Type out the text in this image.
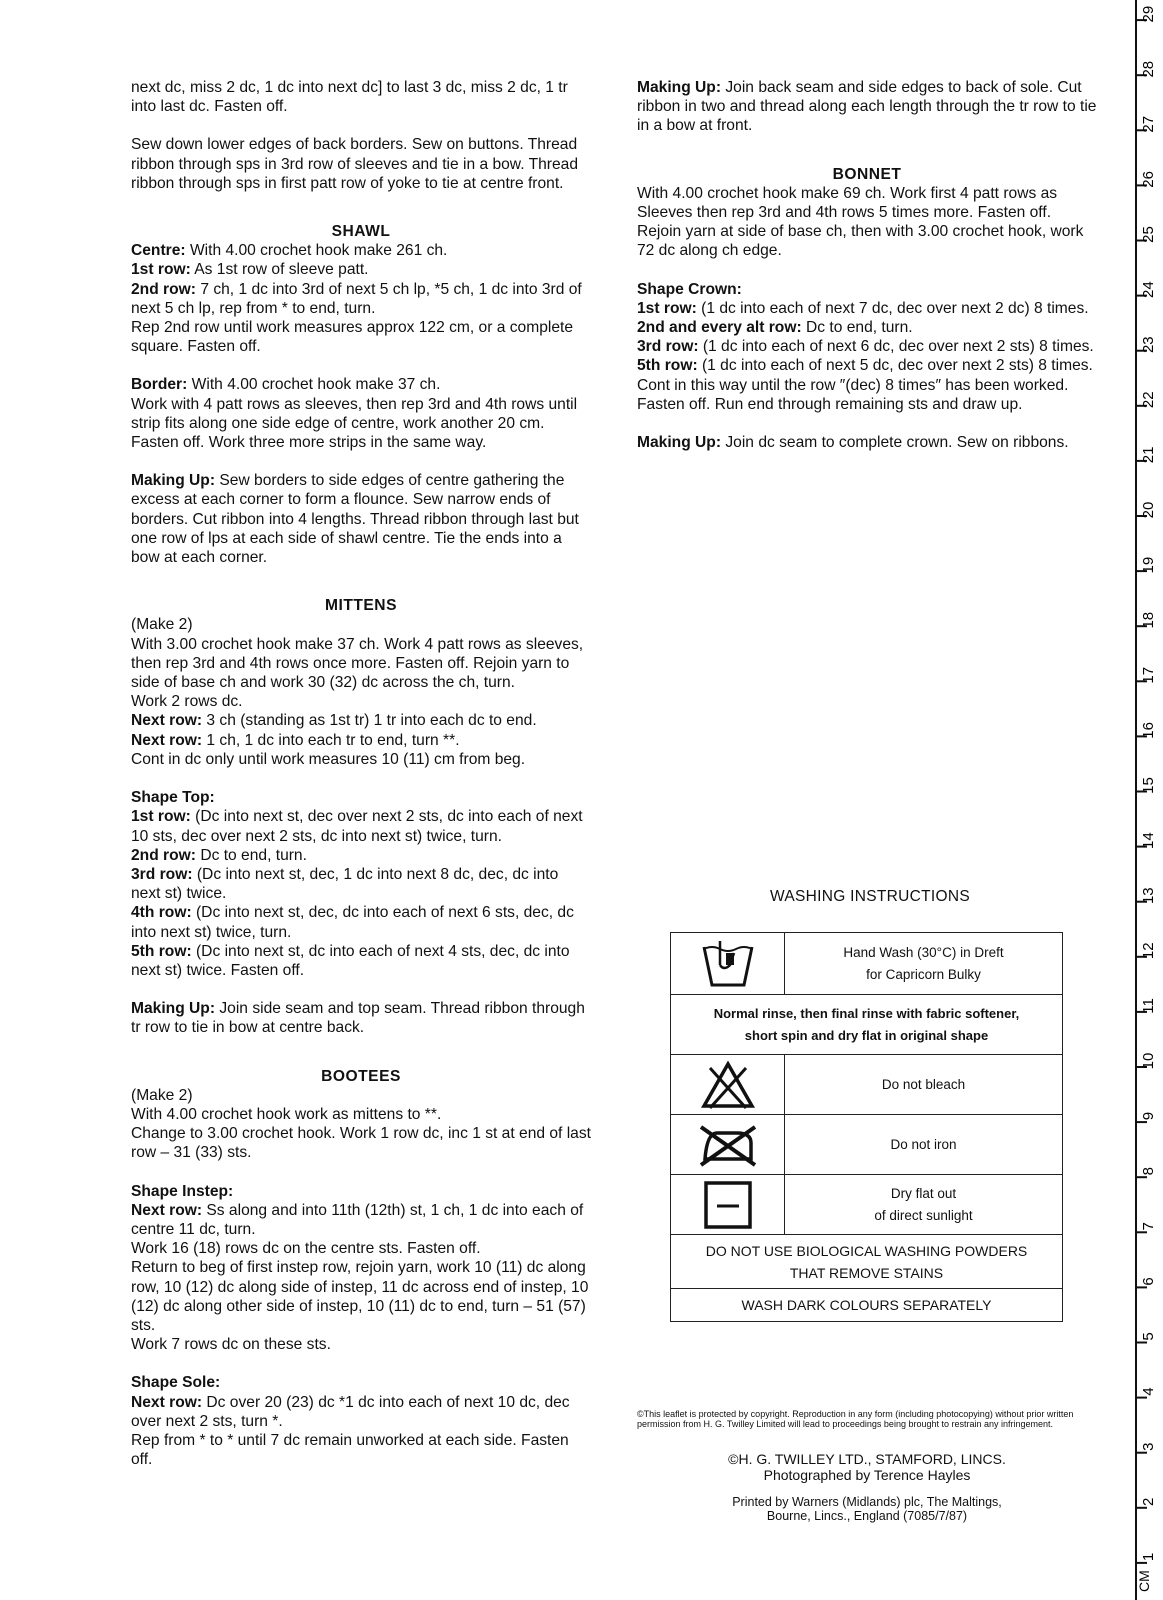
next dc, miss 2 dc, 1 dc into next dc] to last 3 dc, miss 2 dc, 1 tr into last dc. Fasten off.

Sew down lower edges of back borders. Sew on buttons. Thread ribbon through sps in 3rd row of sleeves and tie in a bow. Thread ribbon through sps in first patt row of yoke to tie at centre front.

SHAWL

Centre: With 4.00 crochet hook make 261 ch.

1st row: As 1st row of sleeve patt.

2nd row: 7 ch, 1 dc into 3rd of next 5 ch lp, *5 ch, 1 dc into 3rd of next 5 ch lp, rep from * to end, turn.

Rep 2nd row until work measures approx 122 cm, or a complete square. Fasten off.

Border: With 4.00 crochet hook make 37 ch.

Work with 4 patt rows as sleeves, then rep 3rd and 4th rows until strip fits along one side edge of centre, work another 20 cm. Fasten off. Work three more strips in the same way.

Making Up: Sew borders to side edges of centre gathering the excess at each corner to form a flounce. Sew narrow ends of borders. Cut ribbon into 4 lengths. Thread ribbon through last but one row of lps at each side of shawl centre. Tie the ends into a bow at each corner.

MITTENS

(Make 2)

With 3.00 crochet hook make 37 ch. Work 4 patt rows as sleeves, then rep 3rd and 4th rows once more. Fasten off. Rejoin yarn to side of base ch and work 30 (32) dc across the ch, turn.

Work 2 rows dc.

Next row: 3 ch (standing as 1st tr) 1 tr into each dc to end.

Next row: 1 ch, 1 dc into each tr to end, turn **.

Cont in dc only until work measures 10 (11) cm from beg.

Shape Top:

1st row: (Dc into next st, dec over next 2 sts, dc into each of next 10 sts, dec over next 2 sts, dc into next st) twice, turn.

2nd row: Dc to end, turn.

3rd row: (Dc into next st, dec, 1 dc into next 8 dc, dec, dc into next st) twice.

4th row: (Dc into next st, dec, dc into each of next 6 sts, dec, dc into next st) twice, turn.

5th row: (Dc into next st, dc into each of next 4 sts, dec, dc into next st) twice. Fasten off.

Making Up: Join side seam and top seam. Thread ribbon through tr row to tie in bow at centre back.

BOOTEES

(Make 2)

With 4.00 crochet hook work as mittens to **.

Change to 3.00 crochet hook. Work 1 row dc, inc 1 st at end of last row – 31 (33) sts.

Shape Instep:

Next row: Ss along and into 11th (12th) st, 1 ch, 1 dc into each of centre 11 dc, turn.

Work 16 (18) rows dc on the centre sts. Fasten off.

Return to beg of first instep row, rejoin yarn, work 10 (11) dc along row, 10 (12) dc along side of instep, 11 dc across end of instep, 10 (12) dc along other side of instep, 10 (11) dc to end, turn – 51 (57) sts.

Work 7 rows dc on these sts.

Shape Sole:

Next row: Dc over 20 (23) dc *1 dc into each of next 10 dc, dec over next 2 sts, turn *.

Rep from * to * until 7 dc remain unworked at each side. Fasten off.

Making Up: Join back seam and side edges to back of sole. Cut ribbon in two and thread along each length through the tr row to tie in a bow at front.

BONNET

With 4.00 crochet hook make 69 ch. Work first 4 patt rows as Sleeves then rep 3rd and 4th rows 5 times more. Fasten off. Rejoin yarn at side of base ch, then with 3.00 crochet hook, work 72 dc along ch edge.

Shape Crown:

1st row: (1 dc into each of next 7 dc, dec over next 2 dc) 8 times.

2nd and every alt row: Dc to end, turn.

3rd row: (1 dc into each of next 6 dc, dec over next 2 sts) 8 times.

5th row: (1 dc into each of next 5 dc, dec over next 2 sts) 8 times.

Cont in this way until the row ″(dec) 8 times″ has been worked. Fasten off. Run end through remaining sts and draw up.

Making Up: Join dc seam to complete crown. Sew on ribbons.

WASHING INSTRUCTIONS
Hand Wash (30°C) in Dreft
for Capricorn Bulky
Normal rinse, then final rinse with fabric softener,
short spin and dry flat in original shape
Do not bleach
Do not iron
Dry flat out
of direct sunlight
DO NOT USE BIOLOGICAL WASHING POWDERS
THAT REMOVE STAINS
WASH DARK COLOURS SEPARATELY
©This leaflet is protected by copyright. Reproduction in any form (including photocopying) without prior written permission from H. G. Twilley Limited will lead to proceedings being brought to restrain any infringement.
©H. G. TWILLEY LTD., STAMFORD, LINCS.
Photographed by Terence Hayles
Printed by Warners (Midlands) plc, The Maltings,
Bourne, Lincs., England (7085/7/87)
CM
1
2
3
4
5
6
7
8
9
10
11
12
13
14
15
16
17
18
19
20
21
22
23
24
25
26
27
28
29
